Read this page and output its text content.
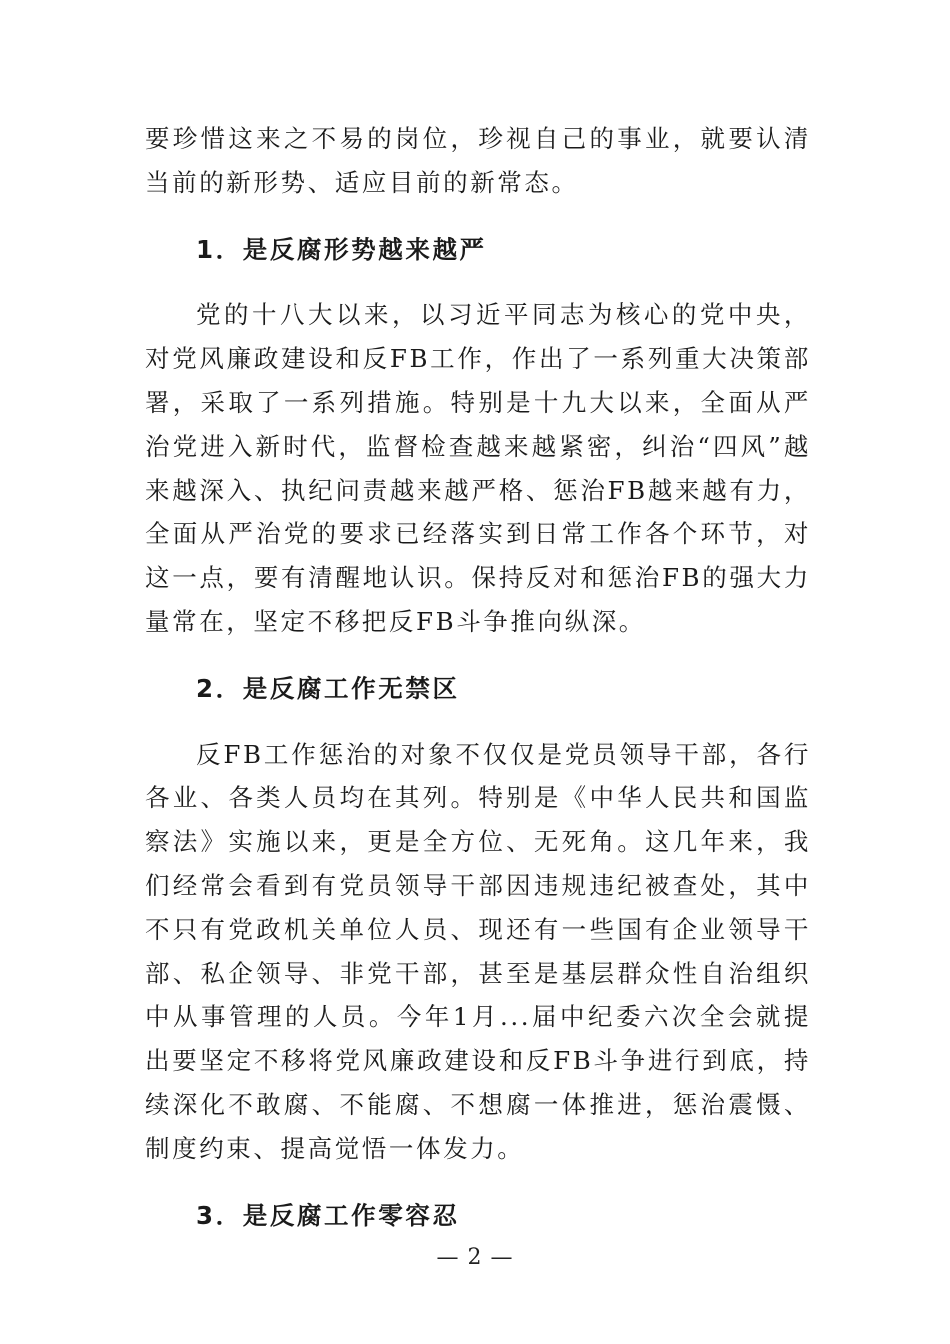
要珍惜这来之不易的岗位，珍视自己的事业，就要认清当前的新形势、适应目前的新常态。

1．是反腐形势越来越严

党的十八大以来，以习近平同志为核心的党中央，对党风廉政建设和反FB工作，作出了一系列重大决策部署，采取了一系列措施。特别是十九大以来，全面从严治党进入新时代，监督检查越来越紧密，纠治“四风”越来越深入、执纪问责越来越严格、惩治FB越来越有力，全面从严治党的要求已经落实到日常工作各个环节，对这一点，要有清醒地认识。保持反对和惩治FB的强大力量常在，坚定不移把反FB斗争推向纵深。

2．是反腐工作无禁区

反FB工作惩治的对象不仅仅是党员领导干部，各行各业、各类人员均在其列。特别是《中华人民共和国监察法》实施以来，更是全方位、无死角。这几年来，我们经常会看到有党员领导干部因违规违纪被查处，其中不只有党政机关单位人员、现还有一些国有企业领导干部、私企领导、非党干部，甚至是基层群众性自治组织中从事管理的人员。今年1月...届中纪委六次全会就提出要坚定不移将党风廉政建设和反FB斗争进行到底，持续深化不敢腐、不能腐、不想腐一体推进，惩治震慑、制度约束、提高觉悟一体发力。

3．是反腐工作零容忍
— 2 —
